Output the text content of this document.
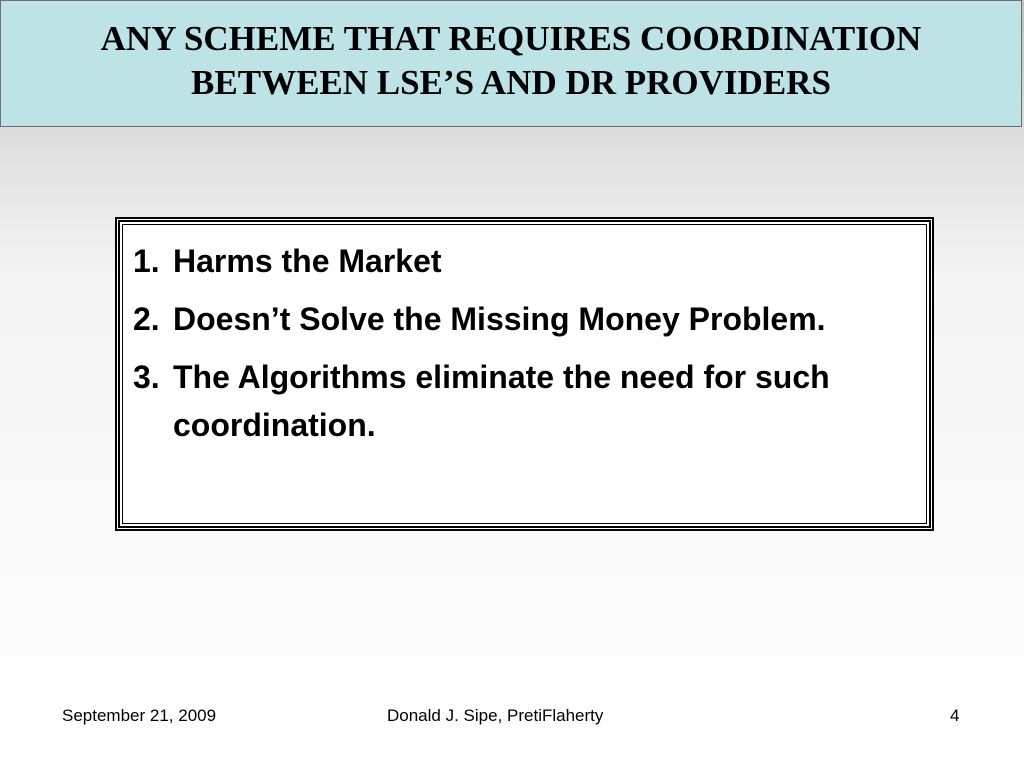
ANY SCHEME THAT REQUIRES COORDINATION
BETWEEN LSE’S AND DR PROVIDERS
1. Harms the Market
2. Doesn’t Solve the Missing Money Problem.
3. The Algorithms eliminate the need for such coordination.
September 21, 2009	Donald J. Sipe, PretiFlaherty	4
